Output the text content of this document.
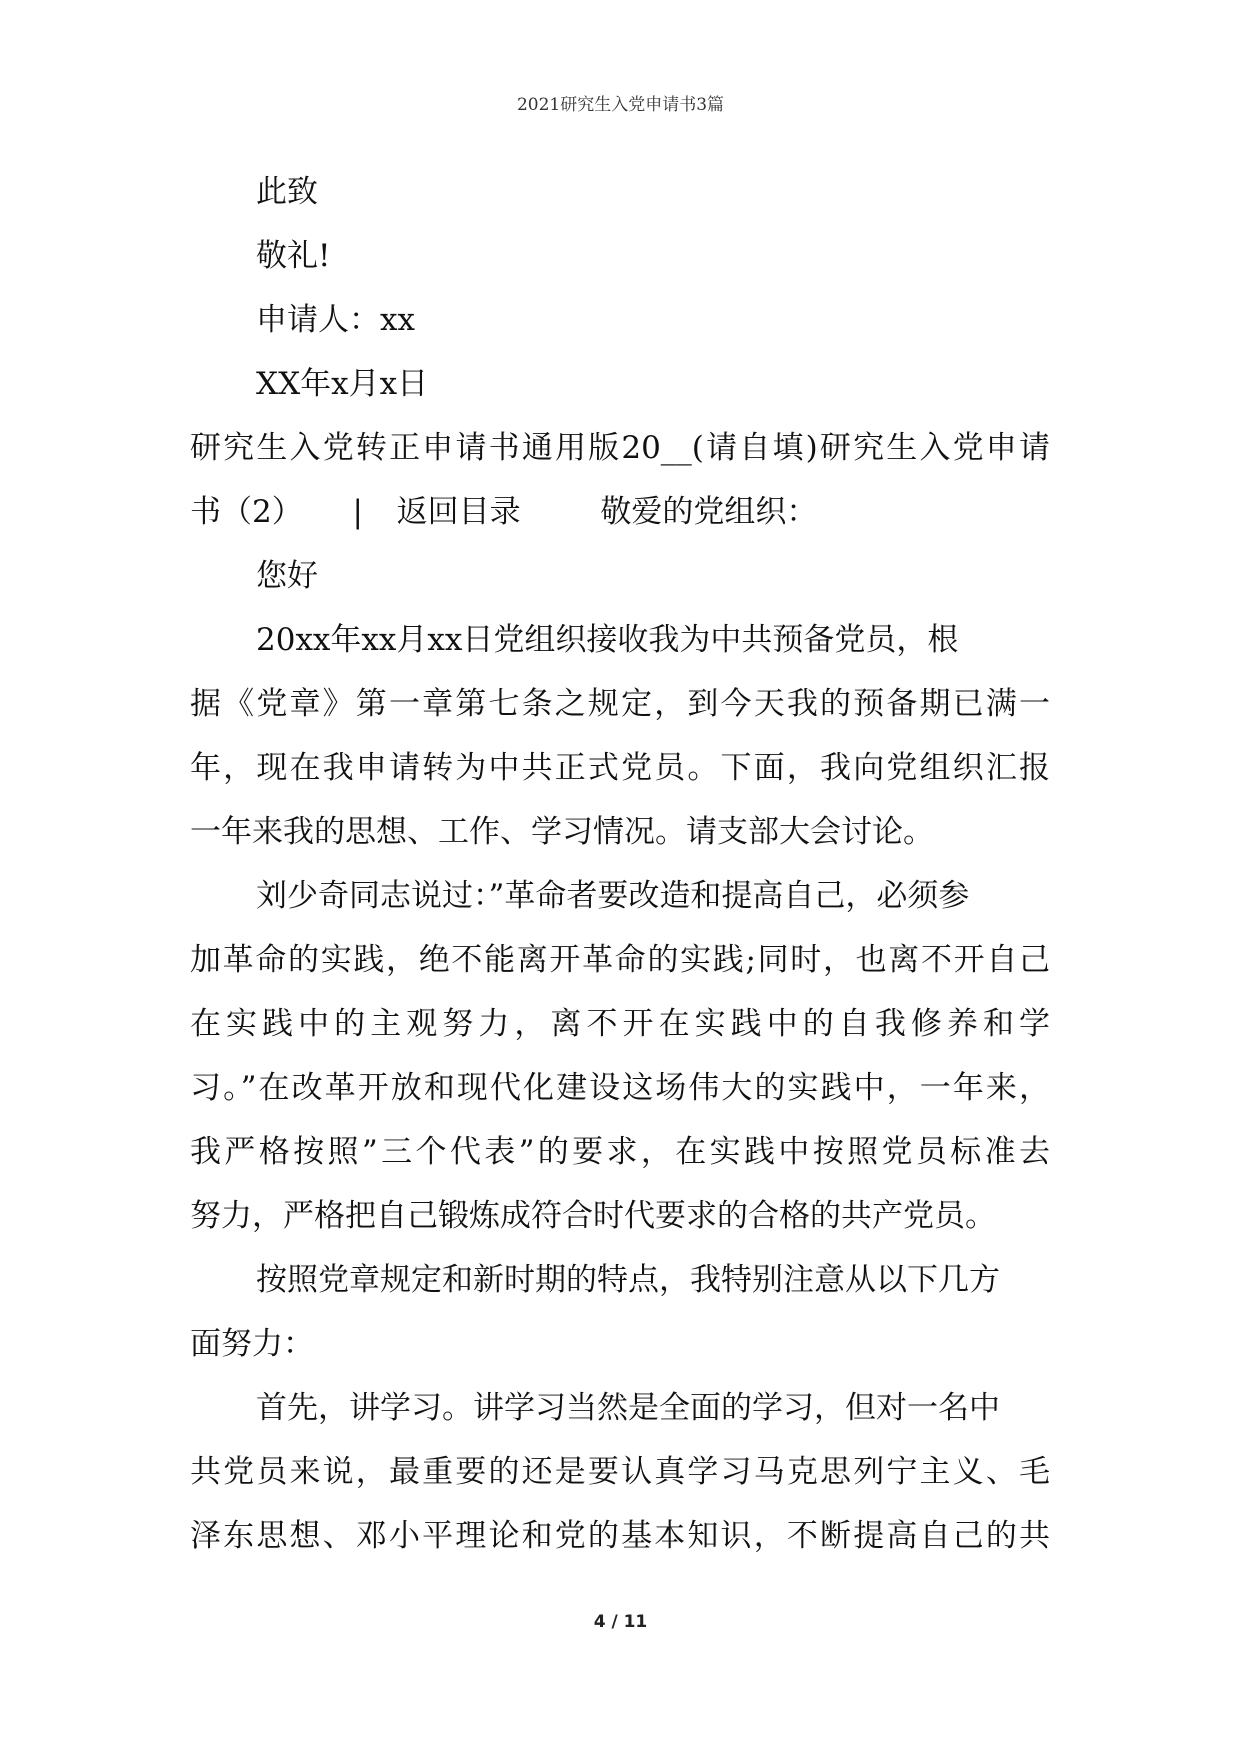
2021研究生入党申请书3篇
此致
敬礼!
申请人：xx
XX年x月x日
研究生入党转正申请书通用版20__(请自填)研究生入党申请
书（2） | 返回目录	敬爱的党组织：
您好
20xx年xx月xx日党组织接收我为中共预备党员，根
据《党章》第一章第七条之规定，到今天我的预备期已满一
年，现在我申请转为中共正式党员。下面，我向党组织汇报
一年来我的思想、工作、学习情况。请支部大会讨论。
刘少奇同志说过：”革命者要改造和提高自己，必须参
加革命的实践，绝不能离开革命的实践;同时，也离不开自己
在实践中的主观努力，离不开在实践中的自我修养和学
习。”在改革开放和现代化建设这场伟大的实践中，一年来，
我严格按照”三个代表”的要求，在实践中按照党员标准去
努力，严格把自己锻炼成符合时代要求的合格的共产党员。
按照党章规定和新时期的特点，我特别注意从以下几方
面努力：
首先，讲学习。讲学习当然是全面的学习，但对一名中
共党员来说，最重要的还是要认真学习马克思列宁主义、毛
泽东思想、邓小平理论和党的基本知识，不断提高自己的共
4 / 11
